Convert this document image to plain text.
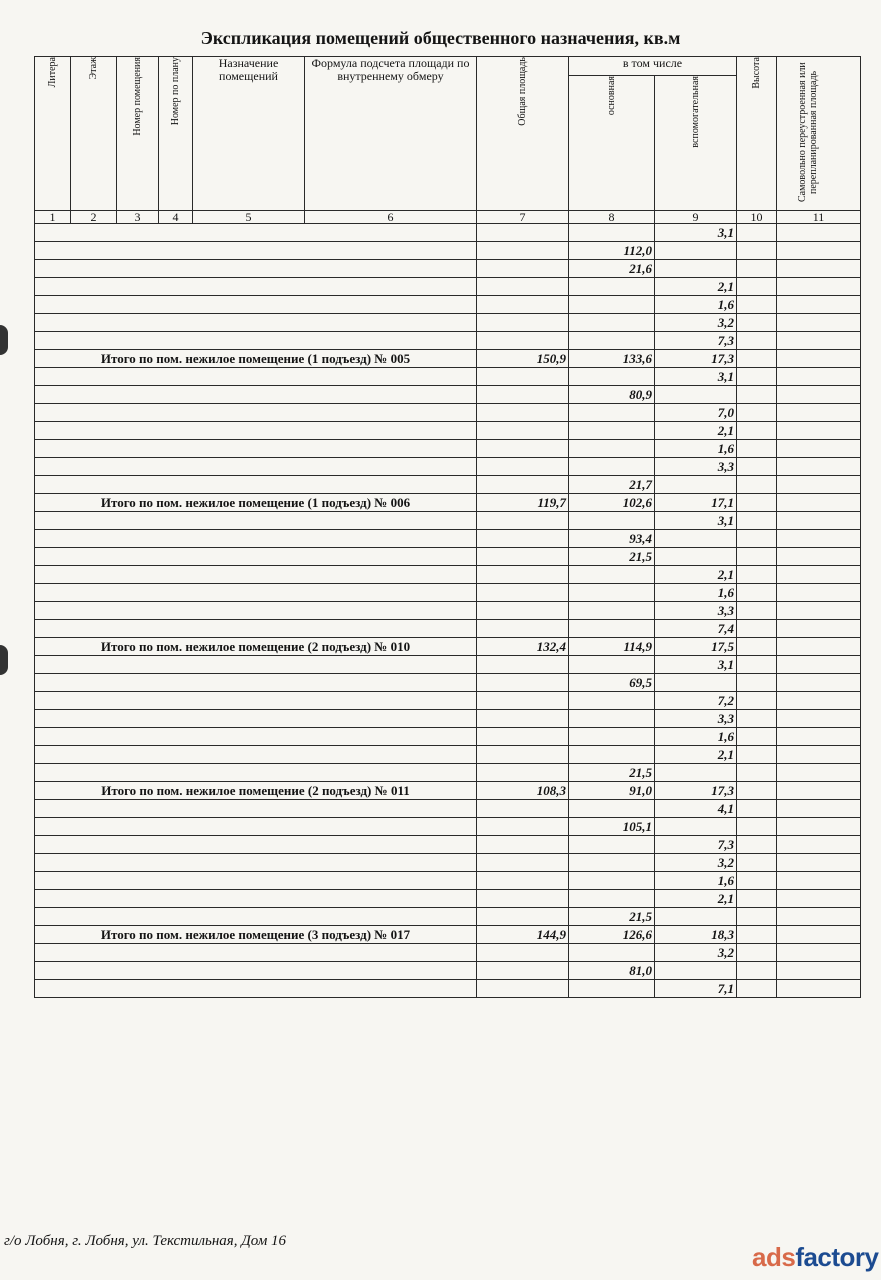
Экспликация помещений общественного назначения, кв.м
Литера	Этаж	Номер помещения	Номер по плану	Назначение помещений	Формула подсчета площади по внутреннему обмеру	Общая площадь	в том числе		Высота	Самовольно переустроенная или перепланированная площадь
							основная	вспомогательная		
1	2	3	4	5	6	7	8	9	10	11
								3,1		
							112,0			
							21,6			
								2,1		
								1,6		
								3,2		
								7,3		
Итого по пом. нежилое помещение (1 подъезд) № 005						150,9	133,6	17,3		
								3,1		
							80,9			
								7,0		
								2,1		
								1,6		
								3,3		
							21,7			
Итого по пом. нежилое помещение (1 подъезд) № 006						119,7	102,6	17,1		
								3,1		
							93,4			
							21,5			
								2,1		
								1,6		
								3,3		
								7,4		
Итого по пом. нежилое помещение (2 подъезд) № 010						132,4	114,9	17,5		
								3,1		
							69,5			
								7,2		
								3,3		
								1,6		
								2,1		
							21,5			
Итого по пом. нежилое помещение (2 подъезд) № 011						108,3	91,0	17,3		
								4,1		
							105,1			
								7,3		
								3,2		
								1,6		
								2,1		
							21,5			
Итого по пом. нежилое помещение (3 подъезд) № 017						144,9	126,6	18,3		
								3,2		
							81,0			
								7,1		
г/о Лобня, г. Лобня, ул. Текстильная, Дом 16
adsfactory
